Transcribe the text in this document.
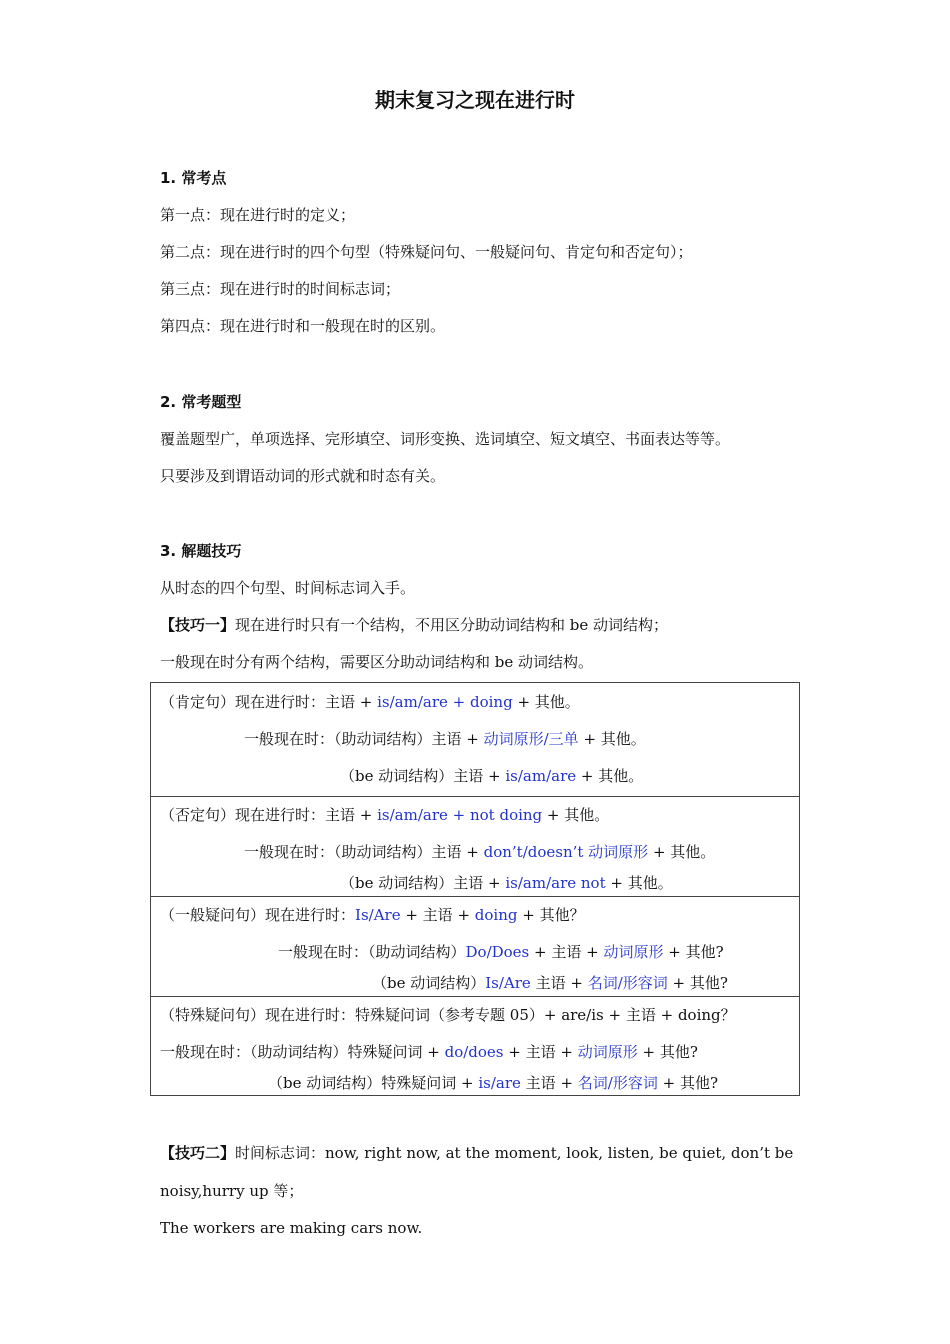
期末复习之现在进行时
1. 常考点
第一点：现在进行时的定义；
第二点：现在进行时的四个句型（特殊疑问句、一般疑问句、肯定句和否定句）；
第三点：现在进行时的时间标志词；
第四点：现在进行时和一般现在时的区别。
2. 常考题型
覆盖题型广，单项选择、完形填空、词形变换、选词填空、短文填空、书面表达等等。
只要涉及到谓语动词的形式就和时态有关。
3. 解题技巧
从时态的四个句型、时间标志词入手。
【技巧一】现在进行时只有一个结构，不用区分助动词结构和 be 动词结构；
一般现在时分有两个结构，需要区分助动词结构和 be 动词结构。
（肯定句）现在进行时：主语 + is/am/are + doing + 其他。
一般现在时：（助动词结构）主语 + 动词原形/三单 + 其他。
（be 动词结构）主语 + is/am/are + 其他。
（否定句）现在进行时：主语 + is/am/are + not doing + 其他。
一般现在时：（助动词结构）主语 + don’t/doesn’t 动词原形 + 其他。
（be 动词结构）主语 + is/am/are not + 其他。
（一般疑问句）现在进行时：Is/Are + 主语 + doing + 其他？
一般现在时：（助动词结构）Do/Does + 主语 + 动词原形 + 其他?
（be 动词结构）Is/Are 主语 + 名词/形容词 + 其他?
（特殊疑问句）现在进行时：特殊疑问词（参考专题 05）+ are/is + 主语 + doing？
一般现在时：（助动词结构）特殊疑问词 + do/does + 主语 + 动词原形 + 其他?
（be 动词结构）特殊疑问词 + is/are 主语 + 名词/形容词 + 其他?
【技巧二】时间标志词：now, right now, at the moment, look, listen, be quiet, don’t be
noisy,hurry up 等；
The workers are making cars now.
